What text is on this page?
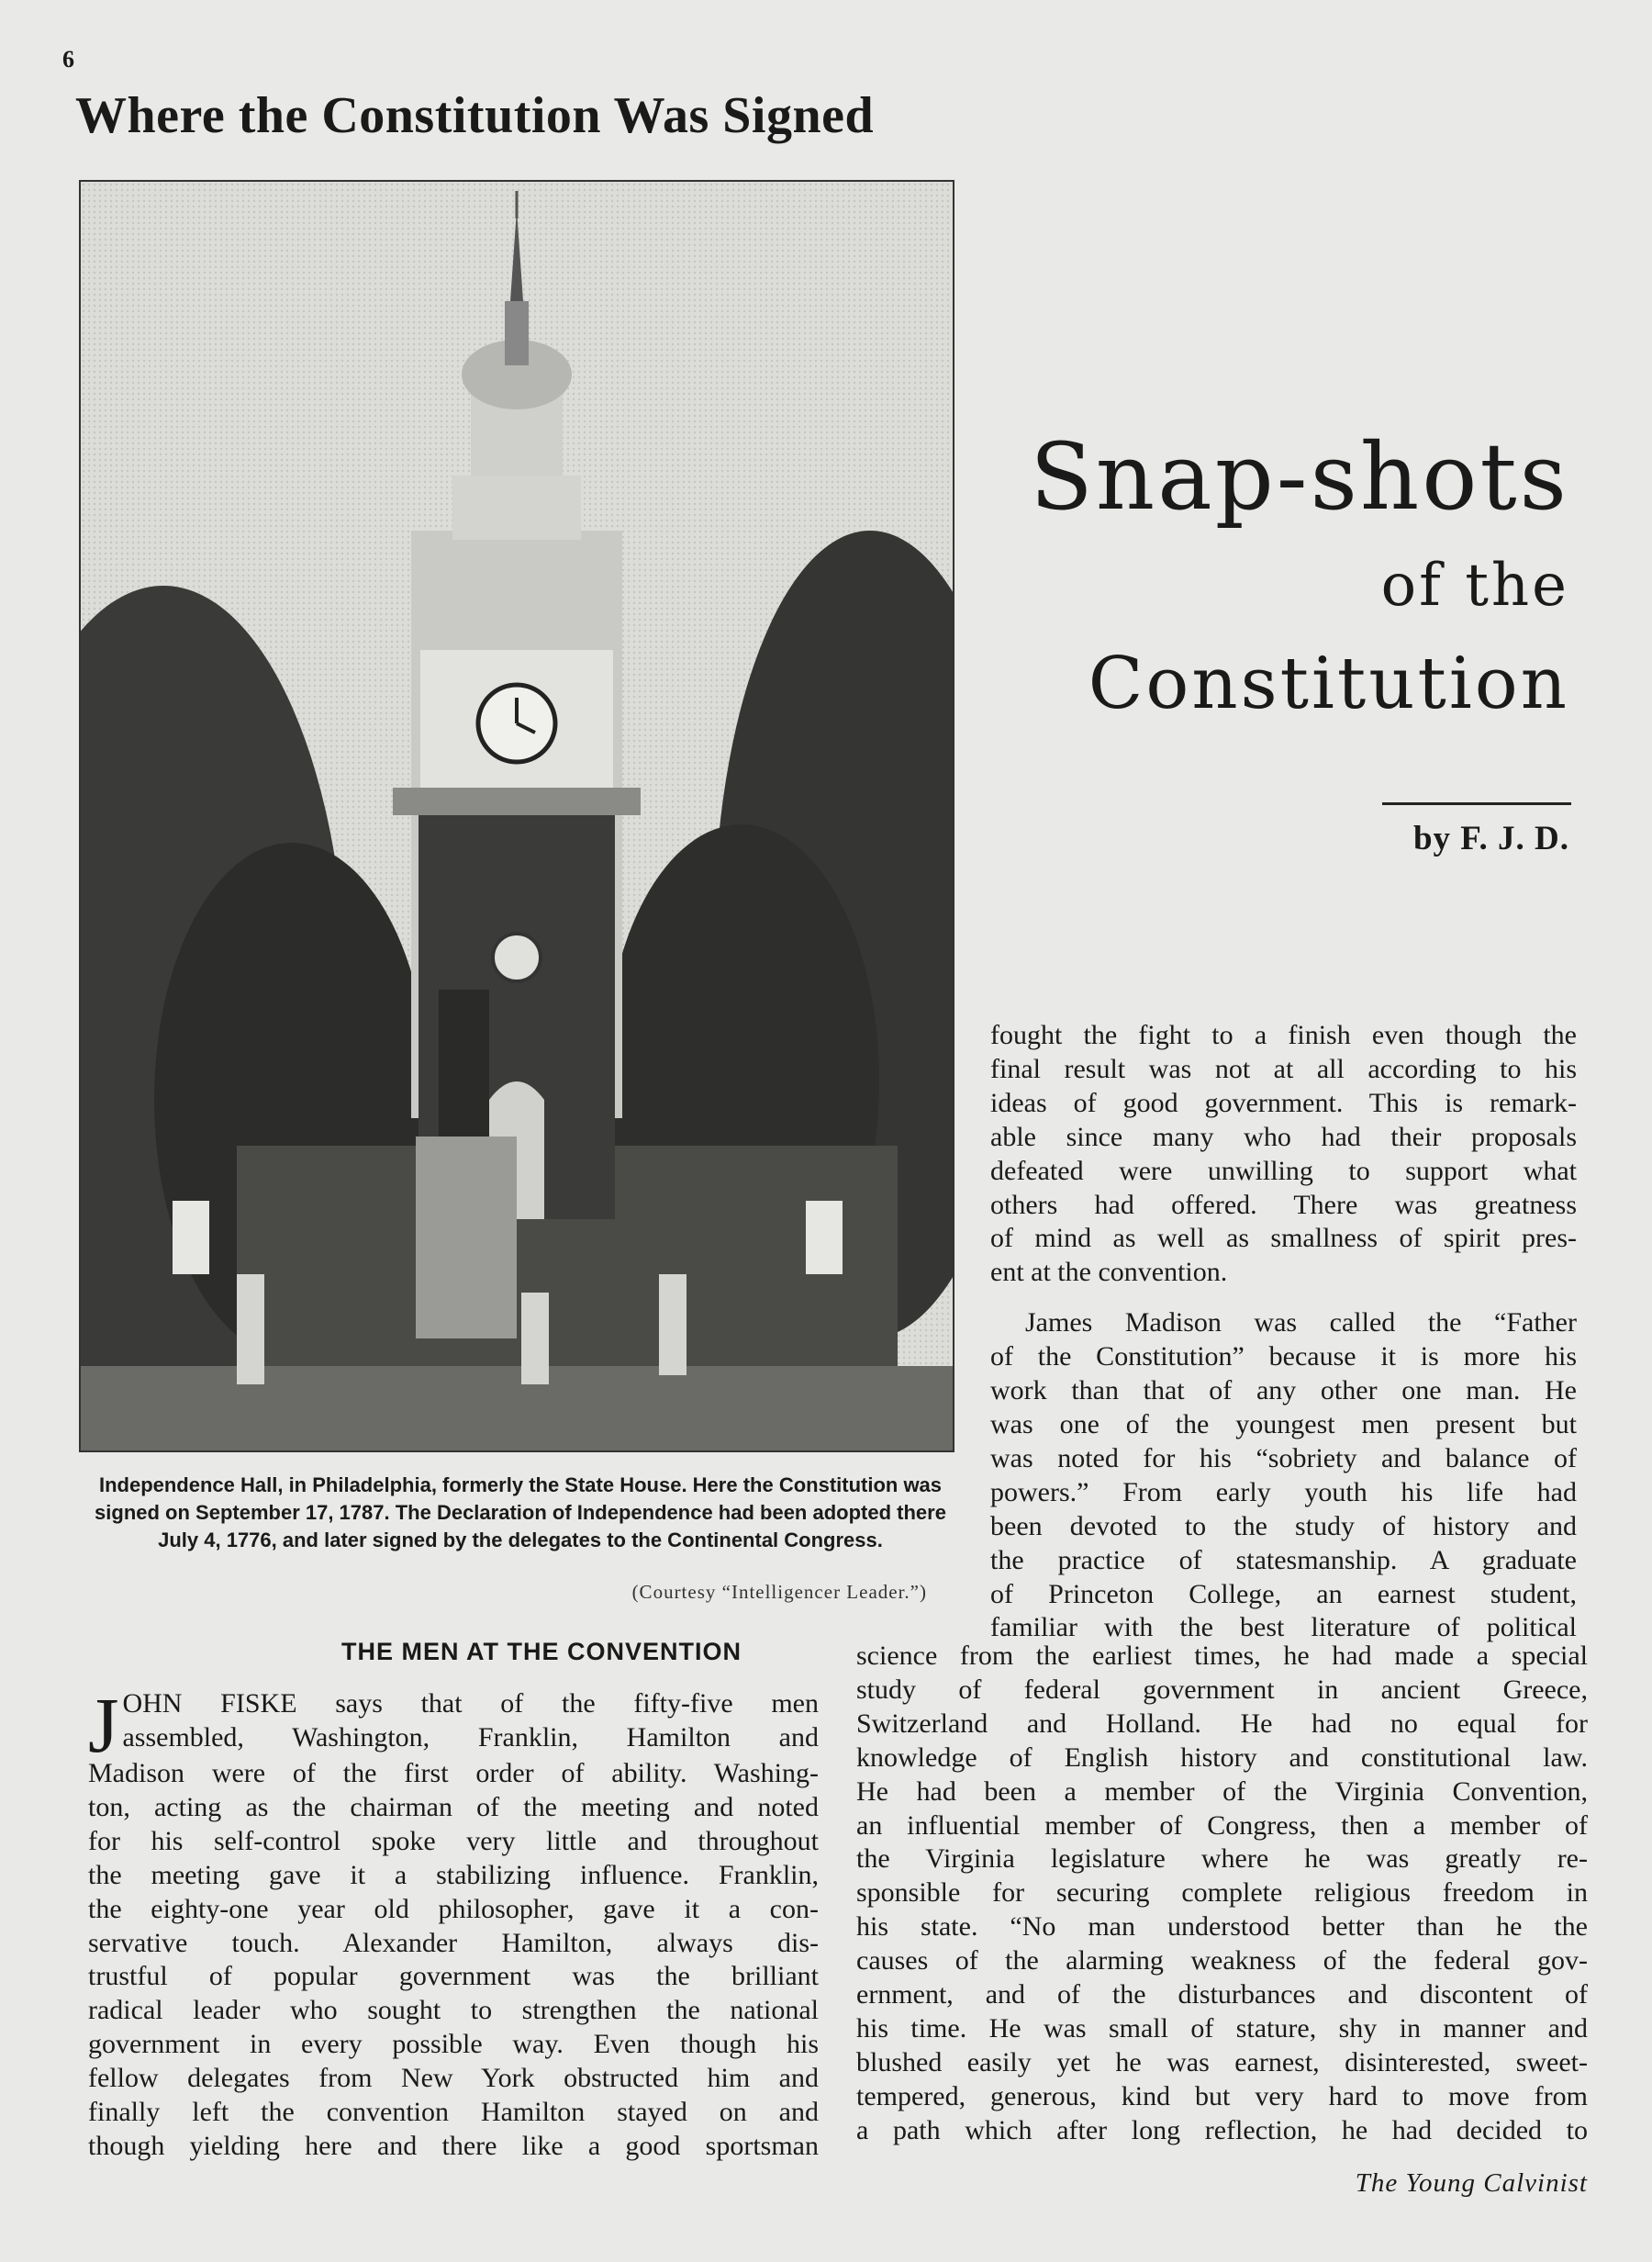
6
Where the Constitution Was Signed
Independence Hall, in Philadelphia, formerly the State House. Here the Constitution was signed on September 17, 1787. The Declaration of Independence had been adopted there July 4, 1776, and later signed by the delegates to the Continental Congress.
(Courtesy “Intelligencer Leader.”)
Snap-shots
of the
Constitution
by F. J. D.
fought the fight to a finish even though the
final result was not at all according to his
ideas of good government. This is remark-
able since many who had their proposals
defeated were unwilling to support what
others had offered. There was greatness
of mind as well as smallness of spirit pres-
ent at the convention.
James Madison was called the “Father
of the Constitution” because it is more his
work than that of any other one man. He
was one of the youngest men present but
was noted for his “sobriety and balance of
powers.” From early youth his life had
been devoted to the study of history and
the practice of statesmanship. A graduate
of Princeton College, an earnest student,
familiar with the best literature of political
THE MEN AT THE CONVENTION	science from the earliest times, he had made a special
study of federal government in ancient Greece,
Switzerland and Holland. He had no equal for
knowledge of English history and constitutional law.
He had been a member of the Virginia Convention,
an influential member of Congress, then a member of
the Virginia legislature where he was greatly re-
sponsible for securing complete religious freedom in
his state. “No man understood better than he the
causes of the alarming weakness of the federal gov-
ernment, and of the disturbances and discontent of
his time. He was small of stature, shy in manner and
blushed easily yet he was earnest, disinterested, sweet-
tempered, generous, kind but very hard to move from
a path which after long reflection, he had decided to
J OHN FISKE says that of the fifty-five men
assembled, Washington, Franklin, Hamilton and
Madison were of the first order of ability. Washing-
ton, acting as the chairman of the meeting and noted
for his self-control spoke very little and throughout
the meeting gave it a stabilizing influence. Franklin,
the eighty-one year old philosopher, gave it a con-
servative touch. Alexander Hamilton, always dis-
trustful of popular government was the brilliant
radical leader who sought to strengthen the national
government in every possible way. Even though his
fellow delegates from New York obstructed him and
finally left the convention Hamilton stayed on and
though yielding here and there like a good sportsman
The Young Calvinist
